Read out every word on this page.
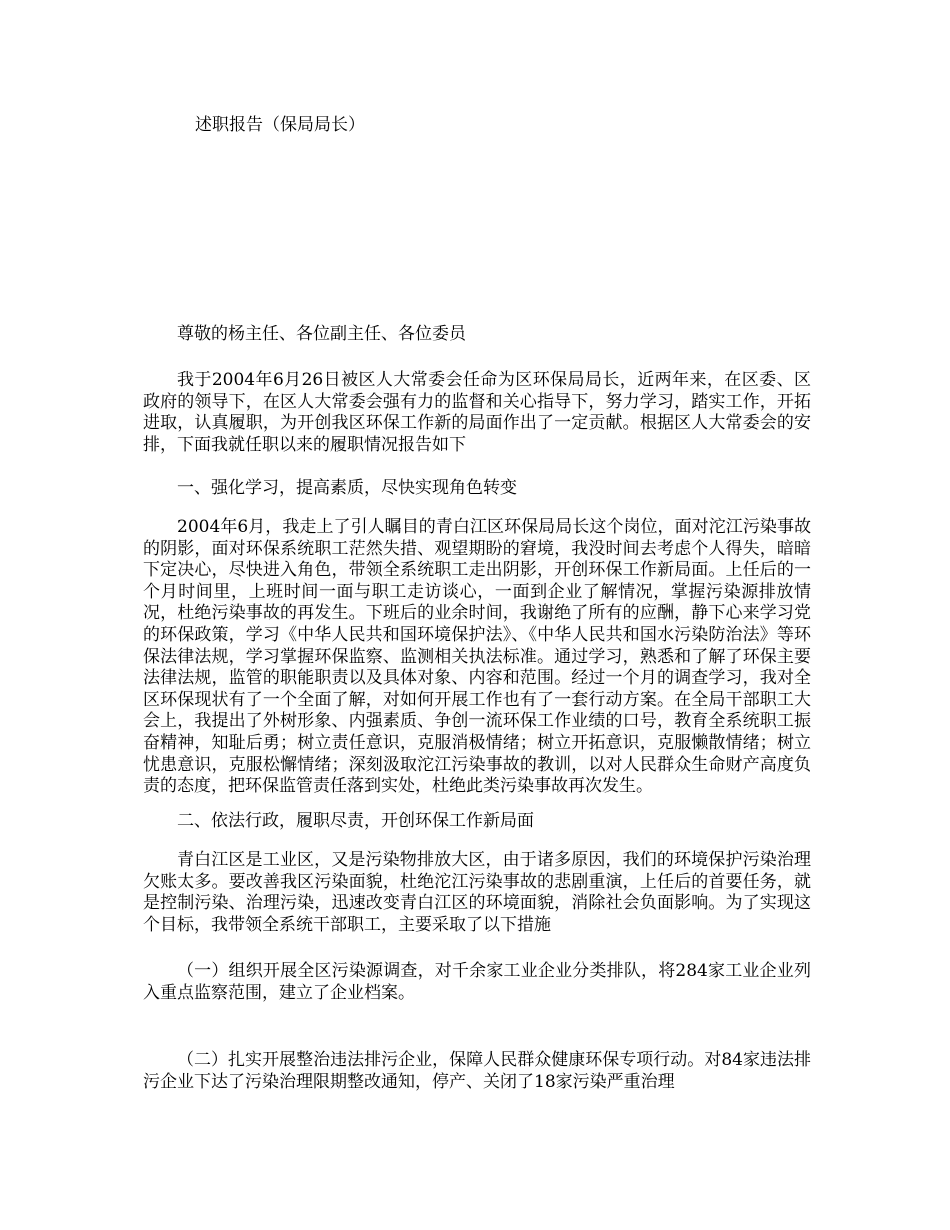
述职报告（保局局长）

尊敬的杨主任、各位副主任、各位委员

我于2004年6月26日被区人大常委会任命为区环保局局长，近两年来，在区委、区政府的领导下，在区人大常委会强有力的监督和关心指导下，努力学习，踏实工作，开拓进取，认真履职，为开创我区环保工作新的局面作出了一定贡献。根据区人大常委会的安排，下面我就任职以来的履职情况报告如下

一、强化学习，提高素质，尽快实现角色转变

2004年6月，我走上了引人瞩目的青白江区环保局局长这个岗位，面对沱江污染事故的阴影，面对环保系统职工茫然失措、观望期盼的窘境，我没时间去考虑个人得失，暗暗下定决心，尽快进入角色，带领全系统职工走出阴影，开创环保工作新局面。上任后的一个月时间里，上班时间一面与职工走访谈心，一面到企业了解情况，掌握污染源排放情况，杜绝污染事故的再发生。下班后的业余时间，我谢绝了所有的应酬，静下心来学习党的环保政策，学习《中华人民共和国环境保护法》、《中华人民共和国水污染防治法》等环保法律法规，学习掌握环保监察、监测相关执法标准。通过学习，熟悉和了解了环保主要法律法规，监管的职能职责以及具体对象、内容和范围。经过一个月的调查学习，我对全区环保现状有了一个全面了解，对如何开展工作也有了一套行动方案。在全局干部职工大会上，我提出了外树形象、内强素质、争创一流环保工作业绩的口号，教育全系统职工振奋精神，知耻后勇；树立责任意识，克服消极情绪；树立开拓意识，克服懒散情绪；树立忧患意识，克服松懈情绪；深刻汲取沱江污染事故的教训，以对人民群众生命财产高度负责的态度，把环保监管责任落到实处，杜绝此类污染事故再次发生。

二、依法行政，履职尽责，开创环保工作新局面

青白江区是工业区，又是污染物排放大区，由于诸多原因，我们的环境保护污染治理欠账太多。要改善我区污染面貌，杜绝沱江污染事故的悲剧重演，上任后的首要任务，就是控制污染、治理污染，迅速改变青白江区的环境面貌，消除社会负面影响。为了实现这个目标，我带领全系统干部职工，主要采取了以下措施

（一）组织开展全区污染源调查，对千余家工业企业分类排队，将284家工业企业列入重点监察范围，建立了企业档案。

（二）扎实开展整治违法排污企业，保障人民群众健康环保专项行动。对84家违法排污企业下达了污染治理限期整改通知，停产、关闭了18家污染严重治理
